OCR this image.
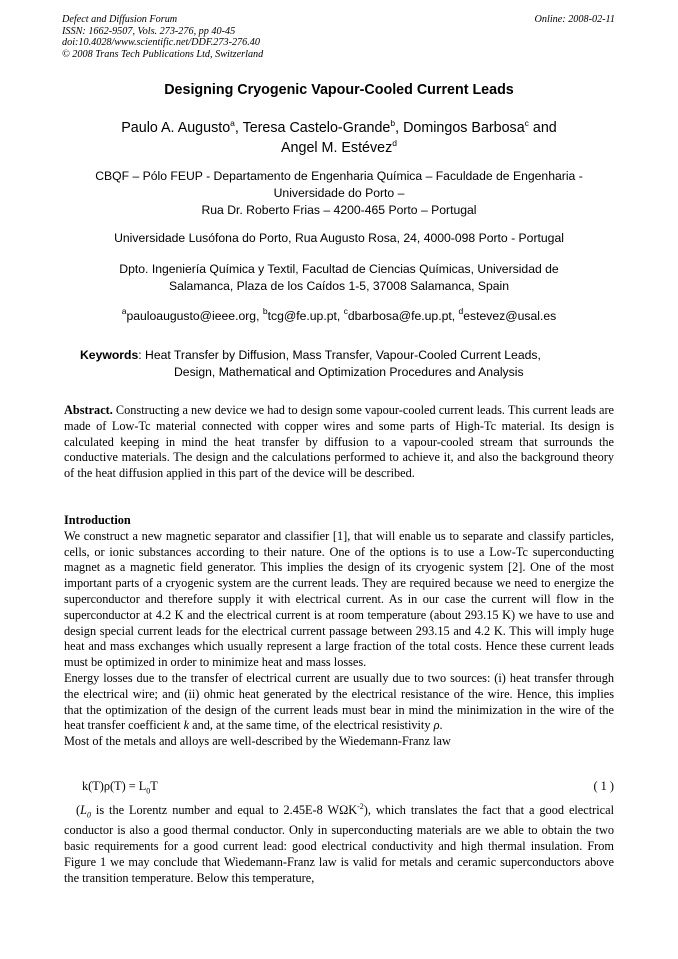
Defect and Diffusion Forum
ISSN: 1662-9507, Vols. 273-276, pp 40-45
doi:10.4028/www.scientific.net/DDF.273-276.40
© 2008 Trans Tech Publications Ltd, Switzerland
Online: 2008-02-11
Designing Cryogenic Vapour-Cooled Current Leads
Paulo A. Augusto$^a$, Teresa Castelo-Grande$^b$, Domingos Barbosa$^c$ and
Angel M. Estévez$^d$
CBQF – Pólo FEUP - Departamento de Engenharia Química – Faculdade de Engenharia -
Universidade do Porto –
Rua Dr. Roberto Frias – 4200-465 Porto – Portugal
Universidade Lusófona do Porto, Rua Augusto Rosa, 24, 4000-098 Porto - Portugal
Dpto. Ingeniería Química y Textil, Facultad de Ciencias Químicas, Universidad de
Salamanca, Plaza de los Caídos 1-5, 37008 Salamanca, Spain
$^a$pauloaugusto@ieee.org, $^b$tcg@fe.up.pt, $^c$dbarbosa@fe.up.pt, $^d$estevez@usal.es
Keywords: Heat Transfer by Diffusion, Mass Transfer, Vapour-Cooled Current Leads,
Design, Mathematical and Optimization Procedures and Analysis

Abstract. Constructing a new device we had to design some vapour-cooled current leads. This current leads are made of Low-Tc material connected with copper wires and some parts of High-Tc material. Its design is calculated keeping in mind the heat transfer by diffusion to a vapour-cooled stream that surrounds the conductive materials. The design and the calculations performed to achieve it, and also the background theory of the heat diffusion applied in this part of the device will be described.

Introduction

We construct a new magnetic separator and classifier [1], that will enable us to separate and classify particles, cells, or ionic substances according to their nature. One of the options is to use a Low-Tc superconducting magnet as a magnetic field generator. This implies the design of its cryogenic system [2]. One of the most important parts of a cryogenic system are the current leads. They are required because we need to energize the superconductor and therefore supply it with electrical current. As in our case the current will flow in the superconductor at 4.2 K and the electrical current is at room temperature (about 293.15 K) we have to use and design special current leads for the electrical current passage between 293.15 and 4.2 K. This will imply huge heat and mass exchanges which usually represent a large fraction of the total costs. Hence these current leads must be optimized in order to minimize heat and mass losses.

Energy losses due to the transfer of electrical current are usually due to two sources: (i) heat transfer through the electrical wire; and (ii) ohmic heat generated by the electrical resistance of the wire. Hence, this implies that the optimization of the design of the current leads must bear in mind the minimization in the wire of the heat transfer coefficient k and, at the same time, of the electrical resistivity ρ.

Most of the metals and alloys are well-described by the Wiedemann-Franz law

$k(T)\rho(T) = L_0T$	( 1 )

($L_0$ is the Lorentz number and equal to 2.45E-8 $W\Omega K^{-2}$), which translates the fact that a good electrical conductor is also a good thermal conductor. Only in superconducting materials are we able to obtain the two basic requirements for a good current lead: good electrical conductivity and high thermal insulation. From Figure 1 we may conclude that Wiedemann-Franz law is valid for metals and ceramic superconductors above the transition temperature. Below this temperature,
